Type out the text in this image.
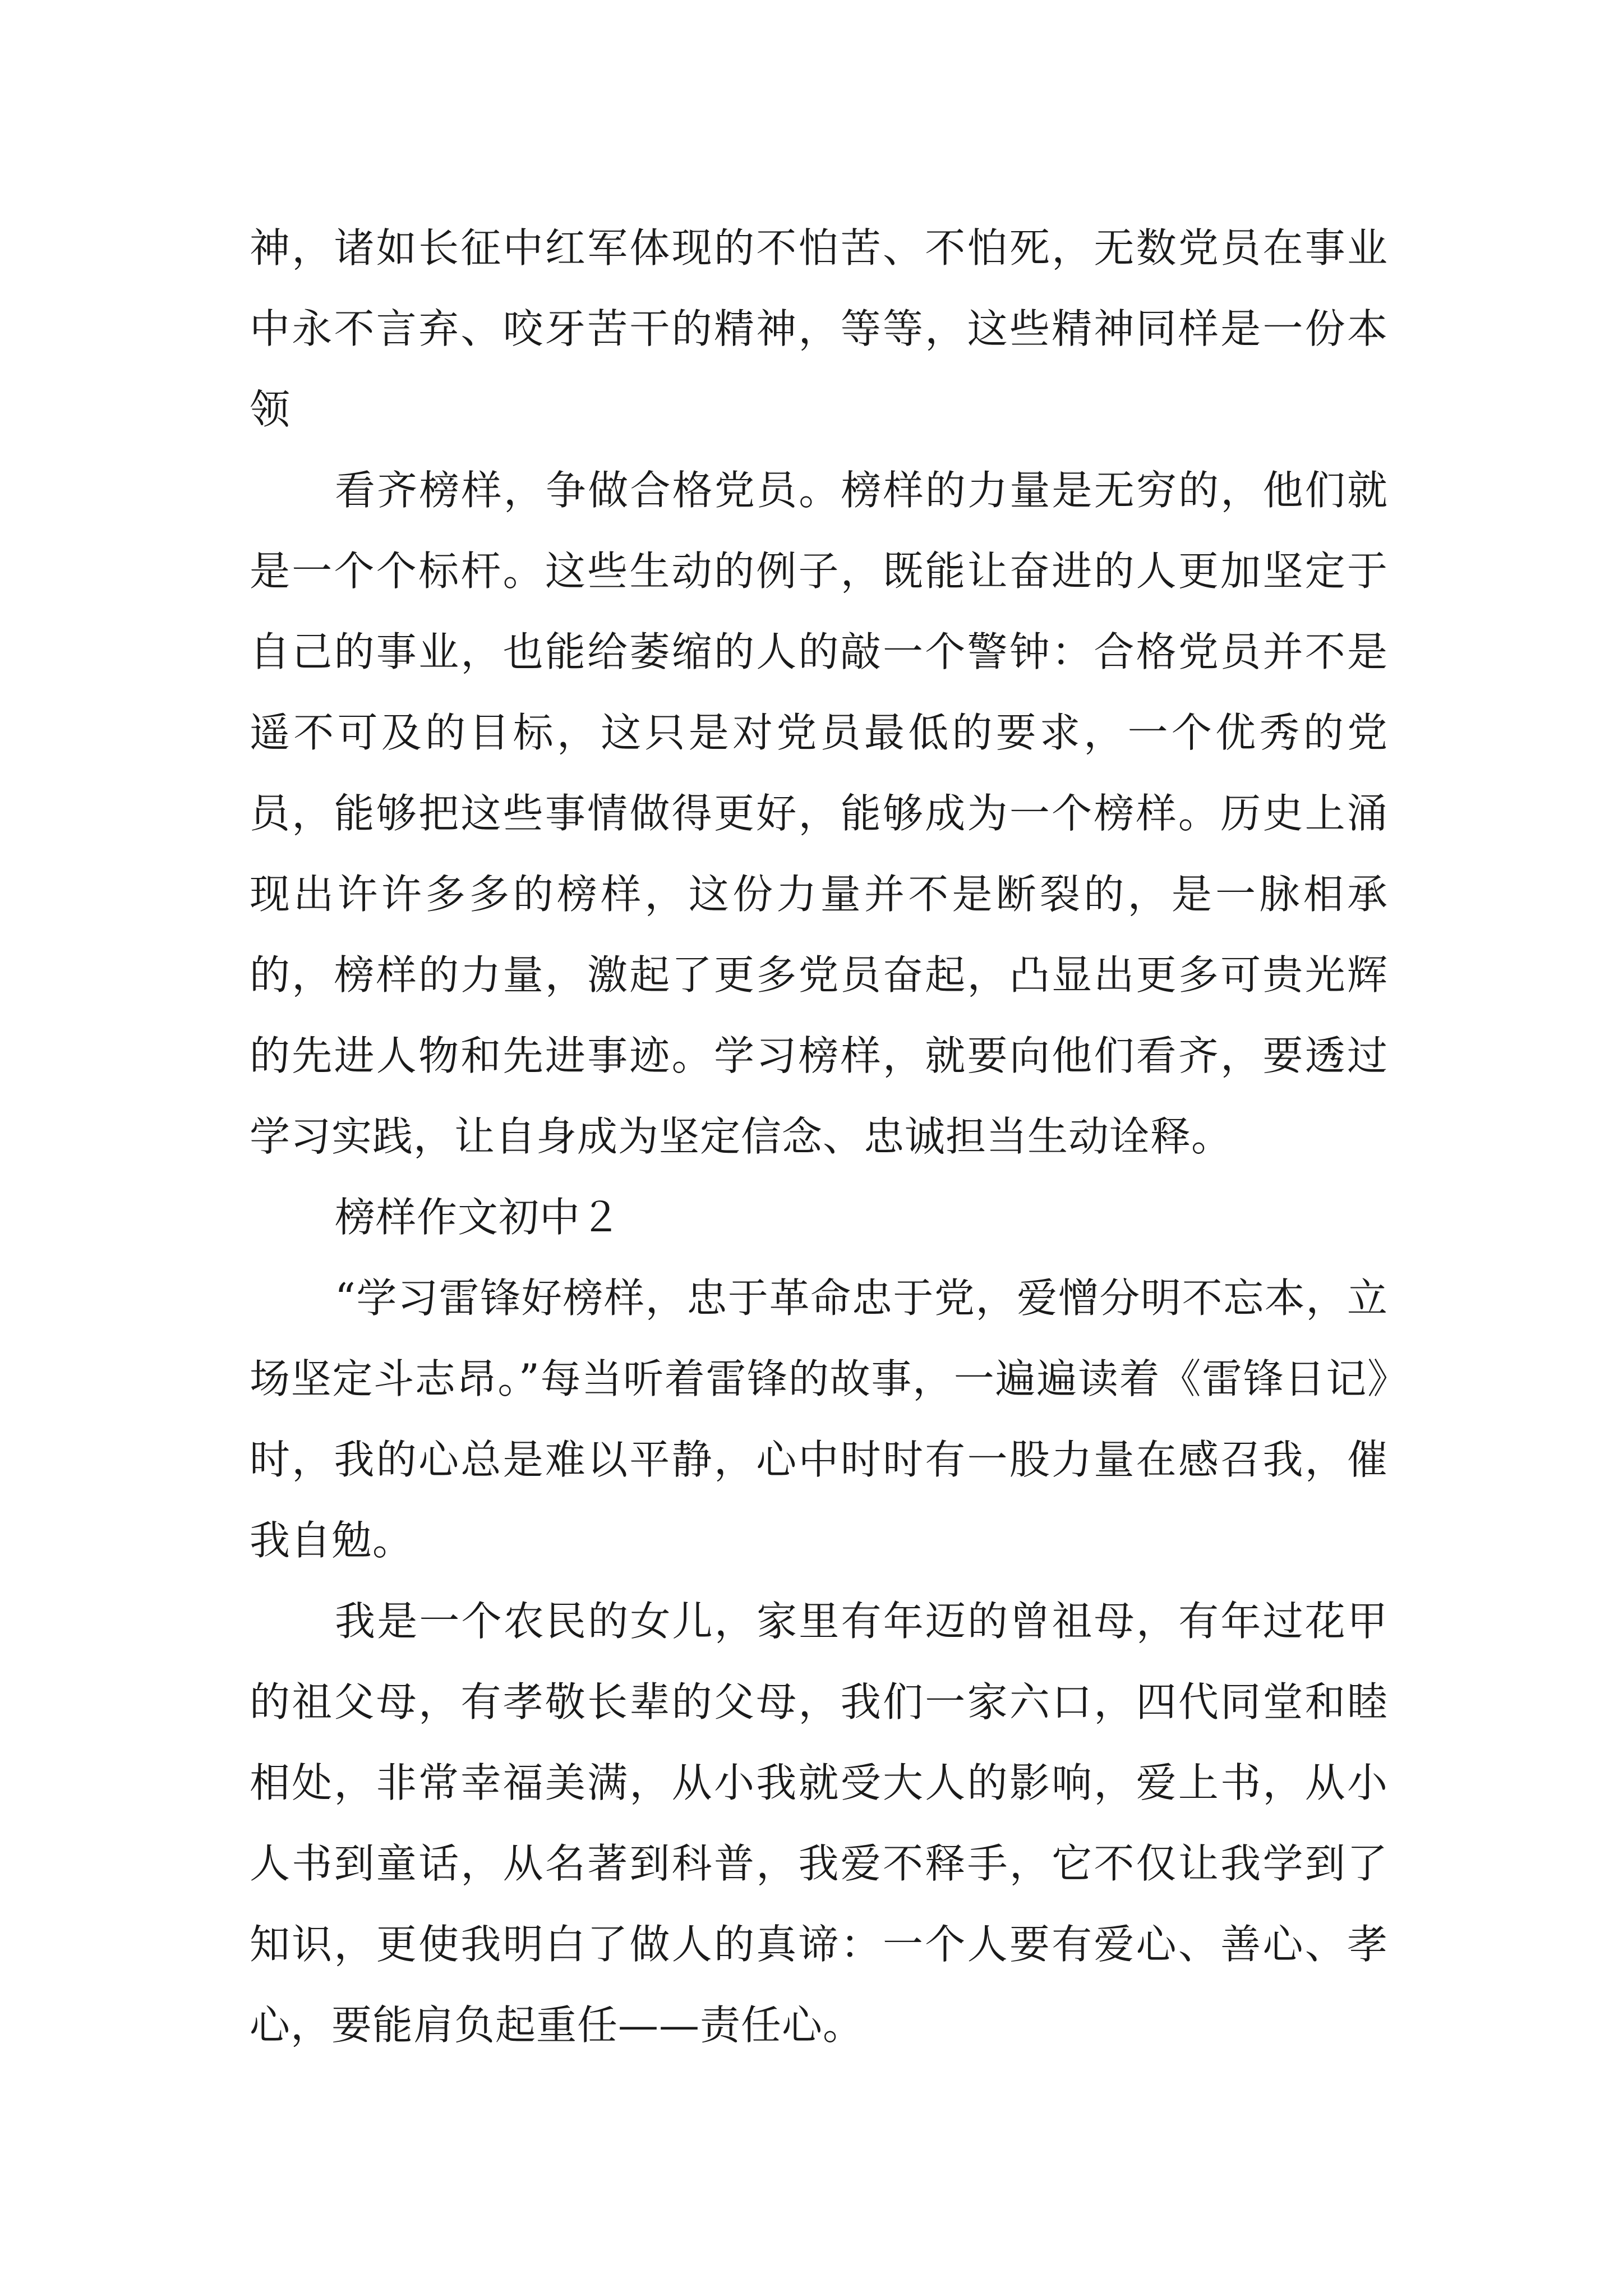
神，诸如长征中红军体现的不怕苦、不怕死，无数党员在事业中永不言弃、咬牙苦干的精神，等等，这些精神同样是一份本领

看齐榜样，争做合格党员。榜样的力量是无穷的，他们就是一个个标杆。这些生动的例子，既能让奋进的人更加坚定于自己的事业，也能给萎缩的人的敲一个警钟：合格党员并不是遥不可及的目标，这只是对党员最低的要求，一个优秀的党员，能够把这些事情做得更好，能够成为一个榜样。历史上涌现出许许多多的榜样，这份力量并不是断裂的，是一脉相承的，榜样的力量，激起了更多党员奋起，凸显出更多可贵光辉的先进人物和先进事迹。学习榜样，就要向他们看齐，要透过学习实践，让自身成为坚定信念、忠诚担当生动诠释。

榜样作文初中２

“学习雷锋好榜样，忠于革命忠于党，爱憎分明不忘本，立场坚定斗志昂。”每当听着雷锋的故事，一遍遍读着《雷锋日记》时，我的心总是难以平静，心中时时有一股力量在感召我，催我自勉。

我是一个农民的女儿，家里有年迈的曾祖母，有年过花甲的祖父母，有孝敬长辈的父母，我们一家六口，四代同堂和睦相处，非常幸福美满，从小我就受大人的影响，爱上书，从小人书到童话，从名著到科普，我爱不释手，它不仅让我学到了知识，更使我明白了做人的真谛：一个人要有爱心、善心、孝心，要能肩负起重任——责任心。
